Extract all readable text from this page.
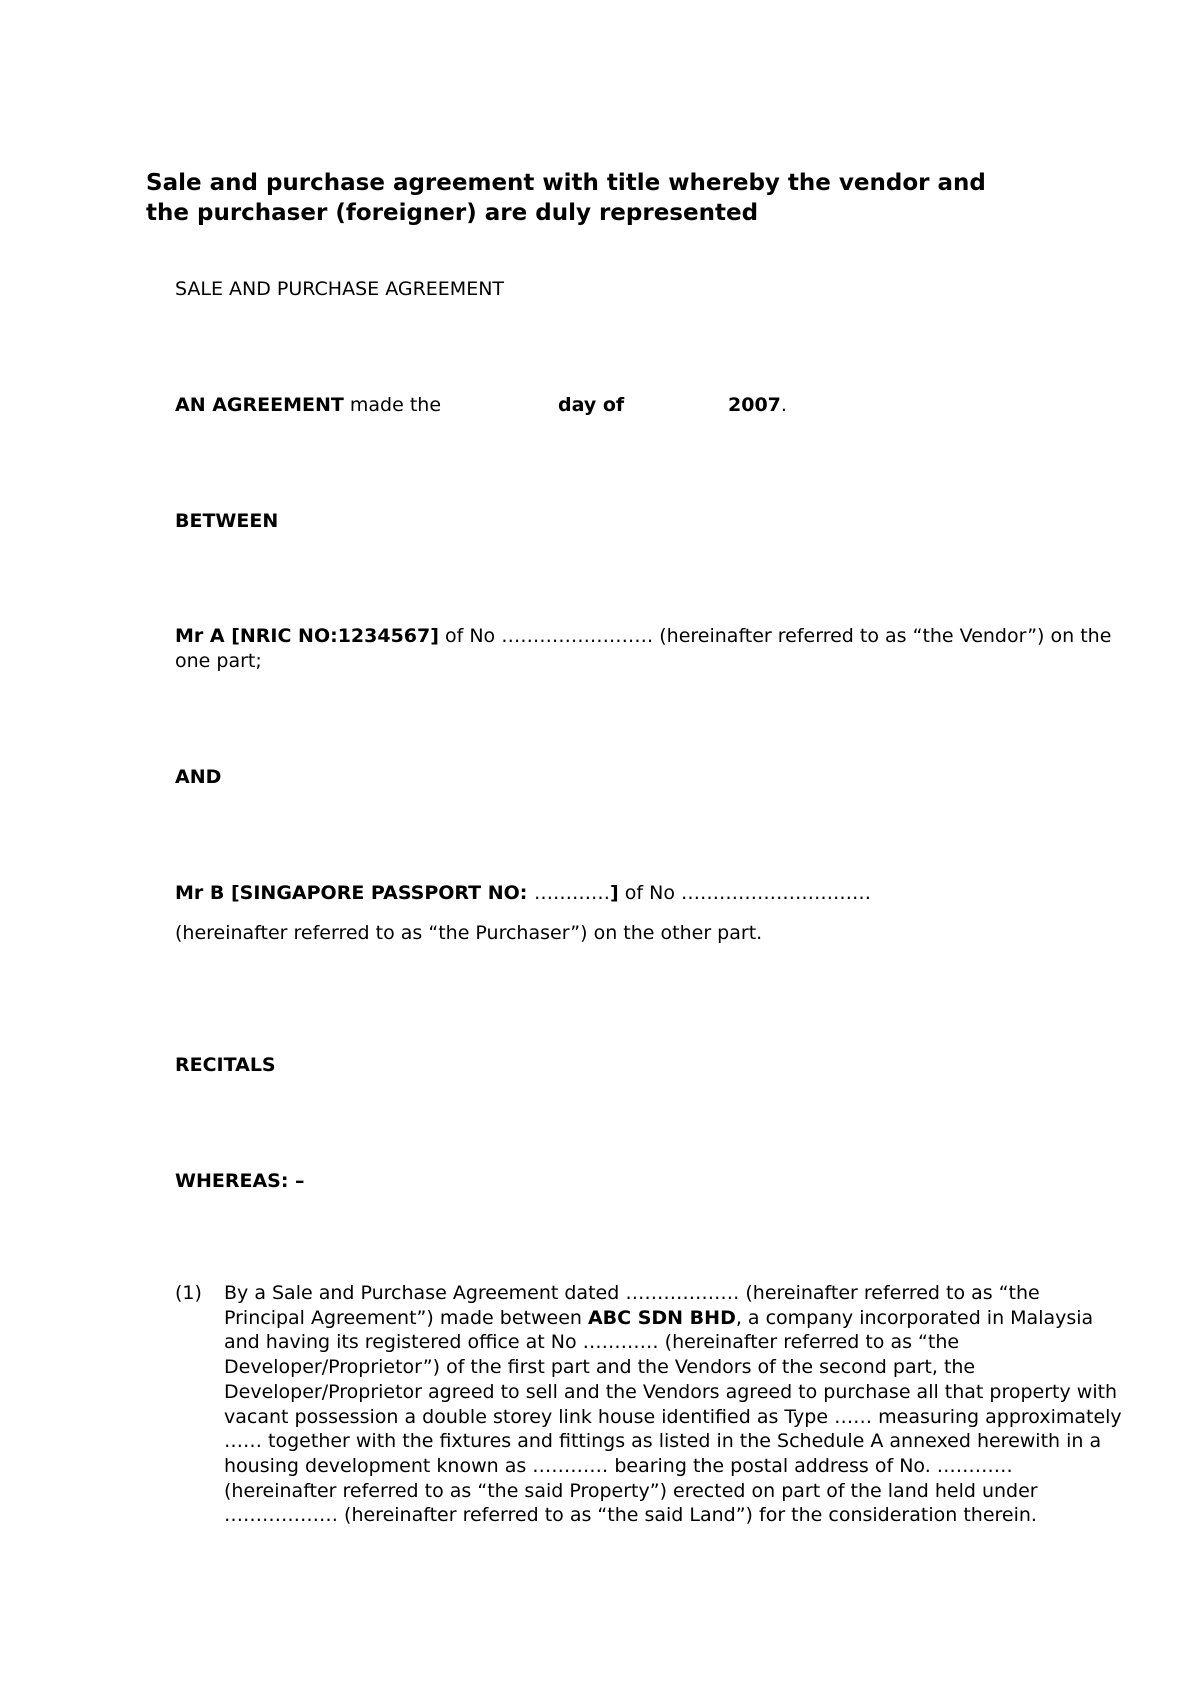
Sale and purchase agreement with title whereby the vendor and
the purchaser (foreigner) are duly represented
SALE AND PURCHASE AGREEMENT
AN AGREEMENT made the	day of	2007.
BETWEEN
Mr A [NRIC NO:1234567] of No …………………… (hereinafter referred to as “the Vendor”) on the one part;
AND
Mr B [SINGAPORE PASSPORT NO: …………] of No …………………………
(hereinafter referred to as “the Purchaser”) on the other part.
RECITALS
WHEREAS: –
(1) By a Sale and Purchase Agreement dated ……………… (hereinafter referred to as “the Principal Agreement”) made between ABC SDN BHD, a company incorporated in Malaysia and having its registered office at No ………… (hereinafter referred to as “the Developer/Proprietor”) of the first part and the Vendors of the second part, the Developer/Proprietor agreed to sell and the Vendors agreed to purchase all that property with vacant possession a double storey link house identified as Type …… measuring approximately …… together with the fixtures and fittings as listed in the Schedule A annexed herewith in a housing development known as ………… bearing the postal address of No. ………… (hereinafter referred to as “the said Property”) erected on part of the land held under ……………… (hereinafter referred to as “the said Land”) for the consideration therein.
